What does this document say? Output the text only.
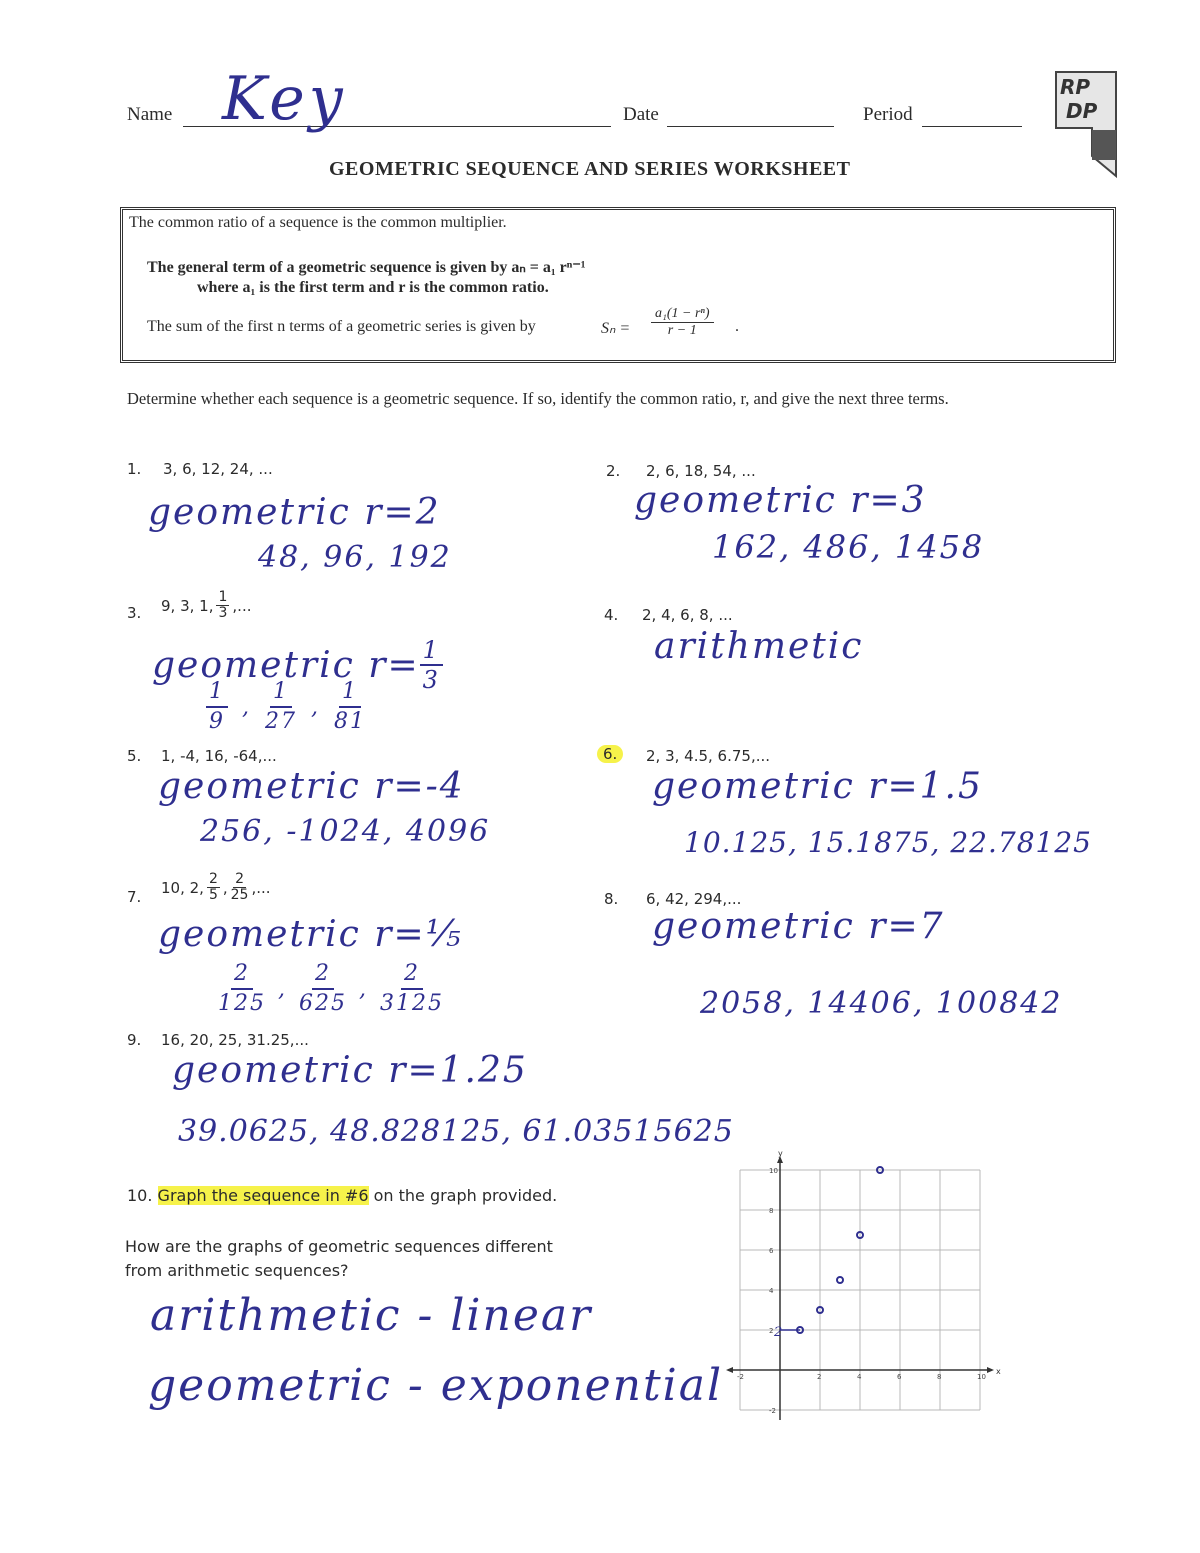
Name Key	Date	Period
RP
DP
GEOMETRIC SEQUENCE AND SERIES WORKSHEET

The common ratio of a sequence is the common multiplier.

The general term of a geometric sequence is given by aₙ = a₁ rⁿ⁻¹

where a₁ is the first term and r is the common ratio.

The sum of the first n terms of a geometric series is given by	$S_n = \frac{\text{a₁(1 − rⁿ)}}{r - 1}$ .

Determine whether each sequence is a geometric sequence. If so, identify the common ratio, r, and give the next three terms.
1. 3, 6, 12, 24, ...
geometric r=2
48, 96, 192
2. 2, 6, 18, 54, ...
geometric r=3
162, 486, 1458
3. 9, 3, 1, $\frac{1}{3}$ ,...
geometric $r= \frac{1}{3}$
$\frac{1}{9}$ , $\frac{1}{27}$ , $\frac{1}{81}$
4. 2, 4, 6, 8, ...
arithmetic
5. 1, -4, 16, -64,...
geometric r=-4
256, -1024, 4096
6.	2, 3, 4.5, 6.75,...
geometric r=1.5
10.125, 15.1875, 22.78125
7.
10, 2, $\frac{2}{5}$ , $\frac{2}{25}$ ,...
geometric r=⅕
$\frac{2}{125}$ , $\frac{2}{625}$ , $\frac{2}{3125}$
8. 6, 42, 294,...
geometric r=7
2058, 14406, 100842
9. 16, 20, 25, 31.25,...
geometric r=1.25
39.0625, 48.828125, 61.03515625
10. Graph the sequence in #6 on the graph provided.
How are the graphs of geometric sequences different
from arithmetic sequences?
arithmetic - linear
geometric - exponential	x
y
-2	2	4	6	8	10
-2
2
4
6
8
10
2
